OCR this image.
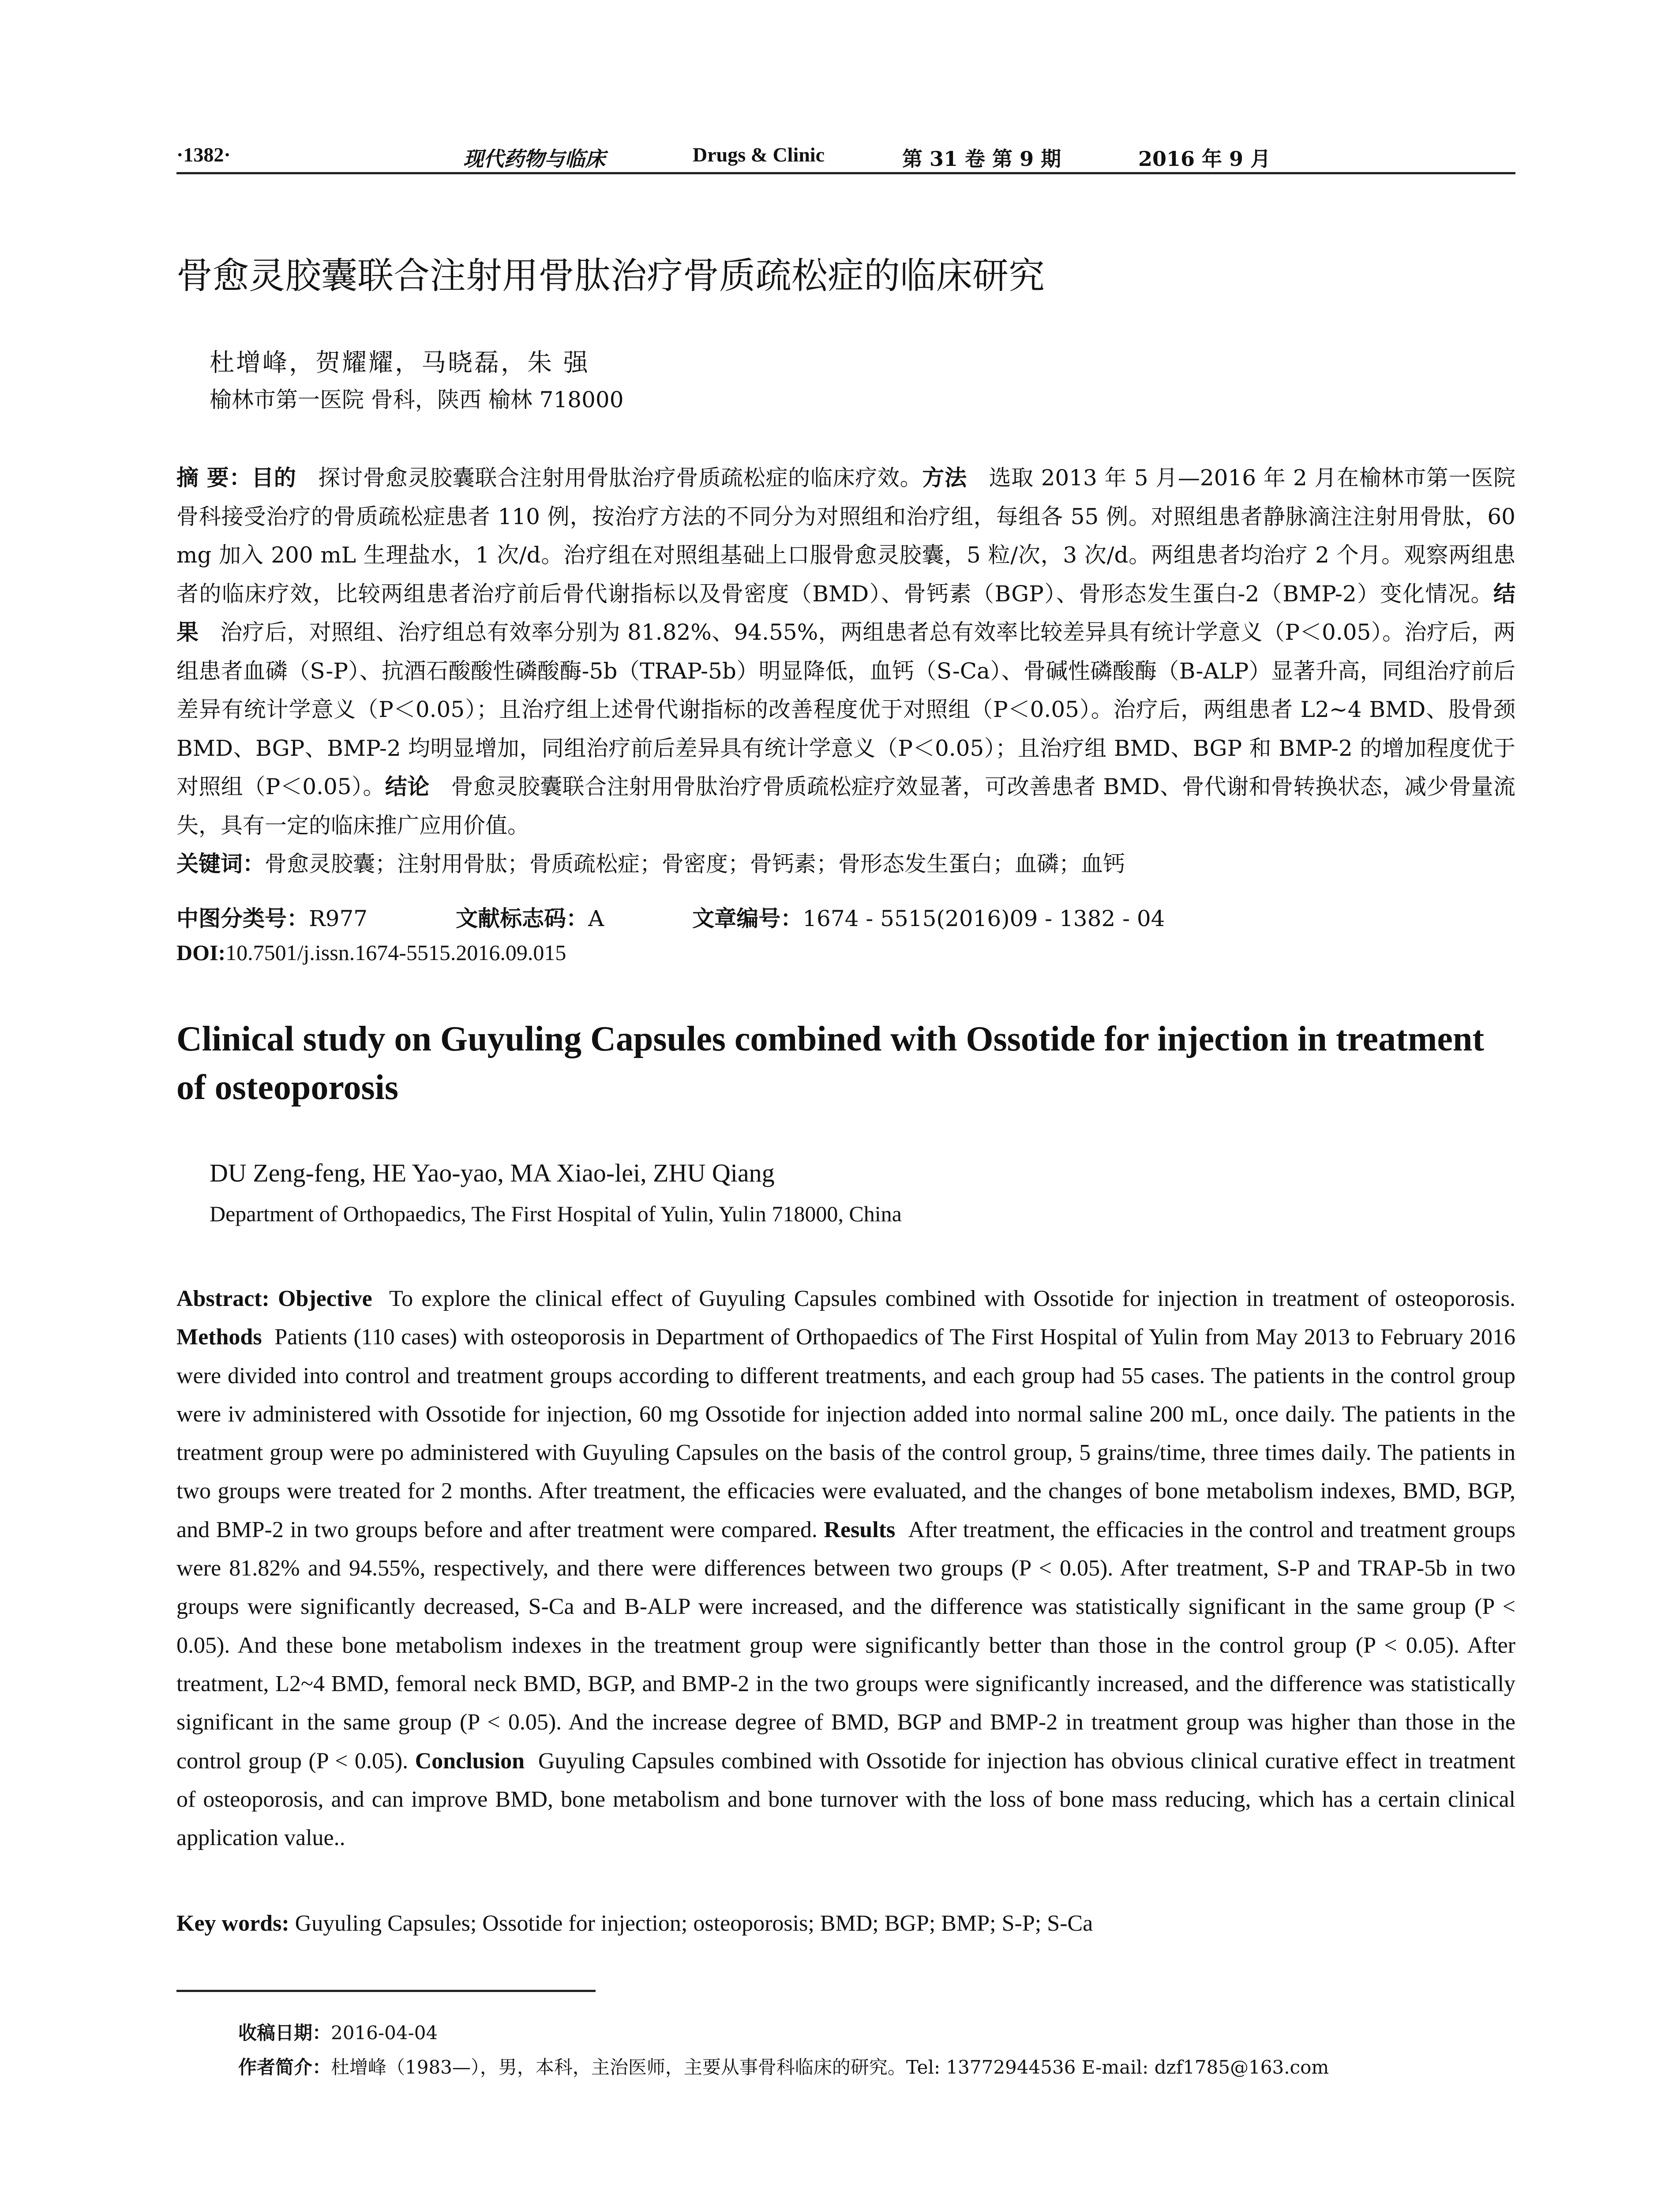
·1382·	现代药物与临床	Drugs & Clinic	第 31 卷 第 9 期	2016 年 9 月
骨愈灵胶囊联合注射用骨肽治疗骨质疏松症的临床研究
杜增峰，贺耀耀，马晓磊，朱 强
榆林市第一医院 骨科，陕西 榆林 718000
摘 要：目的 探讨骨愈灵胶囊联合注射用骨肽治疗骨质疏松症的临床疗效。方法 选取 2013 年 5 月—2016 年 2 月在榆林市第一医院骨科接受治疗的骨质疏松症患者 110 例，按治疗方法的不同分为对照组和治疗组，每组各 55 例。对照组患者静脉滴注注射用骨肽，60 mg 加入 200 mL 生理盐水，1 次/d。治疗组在对照组基础上口服骨愈灵胶囊，5 粒/次，3 次/d。两组患者均治疗 2 个月。观察两组患者的临床疗效，比较两组患者治疗前后骨代谢指标以及骨密度（BMD）、骨钙素（BGP）、骨形态发生蛋白-2（BMP-2）变化情况。结果 治疗后，对照组、治疗组总有效率分别为 81.82%、94.55%，两组患者总有效率比较差异具有统计学意义（P＜0.05）。治疗后，两组患者血磷（S-P）、抗酒石酸酸性磷酸酶-5b（TRAP-5b）明显降低，血钙（S-Ca）、骨碱性磷酸酶（B-ALP）显著升高，同组治疗前后差异有统计学意义（P＜0.05）；且治疗组上述骨代谢指标的改善程度优于对照组（P＜0.05）。治疗后，两组患者 L2~4 BMD、股骨颈 BMD、BGP、BMP-2 均明显增加，同组治疗前后差异具有统计学意义（P＜0.05）；且治疗组 BMD、BGP 和 BMP-2 的增加程度优于对照组（P＜0.05）。结论 骨愈灵胶囊联合注射用骨肽治疗骨质疏松症疗效显著，可改善患者 BMD、骨代谢和骨转换状态，减少骨量流失，具有一定的临床推广应用价值。
关键词：骨愈灵胶囊；注射用骨肽；骨质疏松症；骨密度；骨钙素；骨形态发生蛋白；血磷；血钙
中图分类号：R977	文献标志码：A	文章编号：1674 - 5515(2016)09 - 1382 - 04
DOI:10.7501/j.issn.1674-5515.2016.09.015
Clinical study on Guyuling Capsules combined with Ossotide for injection in treatment of osteoporosis
DU Zeng-feng, HE Yao-yao, MA Xiao-lei, ZHU Qiang
Department of Orthopaedics, The First Hospital of Yulin, Yulin 718000, China
Abstract: Objective To explore the clinical effect of Guyuling Capsules combined with Ossotide for injection in treatment of osteoporosis. Methods Patients (110 cases) with osteoporosis in Department of Orthopaedics of The First Hospital of Yulin from May 2013 to February 2016 were divided into control and treatment groups according to different treatments, and each group had 55 cases. The patients in the control group were iv administered with Ossotide for injection, 60 mg Ossotide for injection added into normal saline 200 mL, once daily. The patients in the treatment group were po administered with Guyuling Capsules on the basis of the control group, 5 grains/time, three times daily. The patients in two groups were treated for 2 months. After treatment, the efficacies were evaluated, and the changes of bone metabolism indexes, BMD, BGP, and BMP-2 in two groups before and after treatment were compared. Results After treatment, the efficacies in the control and treatment groups were 81.82% and 94.55%, respectively, and there were differences between two groups (P < 0.05). After treatment, S-P and TRAP-5b in two groups were significantly decreased, S-Ca and B-ALP were increased, and the difference was statistically significant in the same group (P < 0.05). And these bone metabolism indexes in the treatment group were significantly better than those in the control group (P < 0.05). After treatment, L2~4 BMD, femoral neck BMD, BGP, and BMP-2 in the two groups were significantly increased, and the difference was statistically significant in the same group (P < 0.05). And the increase degree of BMD, BGP and BMP-2 in treatment group was higher than those in the control group (P < 0.05). Conclusion Guyuling Capsules combined with Ossotide for injection has obvious clinical curative effect in treatment of osteoporosis, and can improve BMD, bone metabolism and bone turnover with the loss of bone mass reducing, which has a certain clinical application value..
Key words: Guyuling Capsules; Ossotide for injection; osteoporosis; BMD; BGP; BMP; S-P; S-Ca
收稿日期：2016-04-04
作者简介：杜增峰（1983—），男，本科，主治医师，主要从事骨科临床的研究。Tel: 13772944536 E-mail: dzf1785@163.com
